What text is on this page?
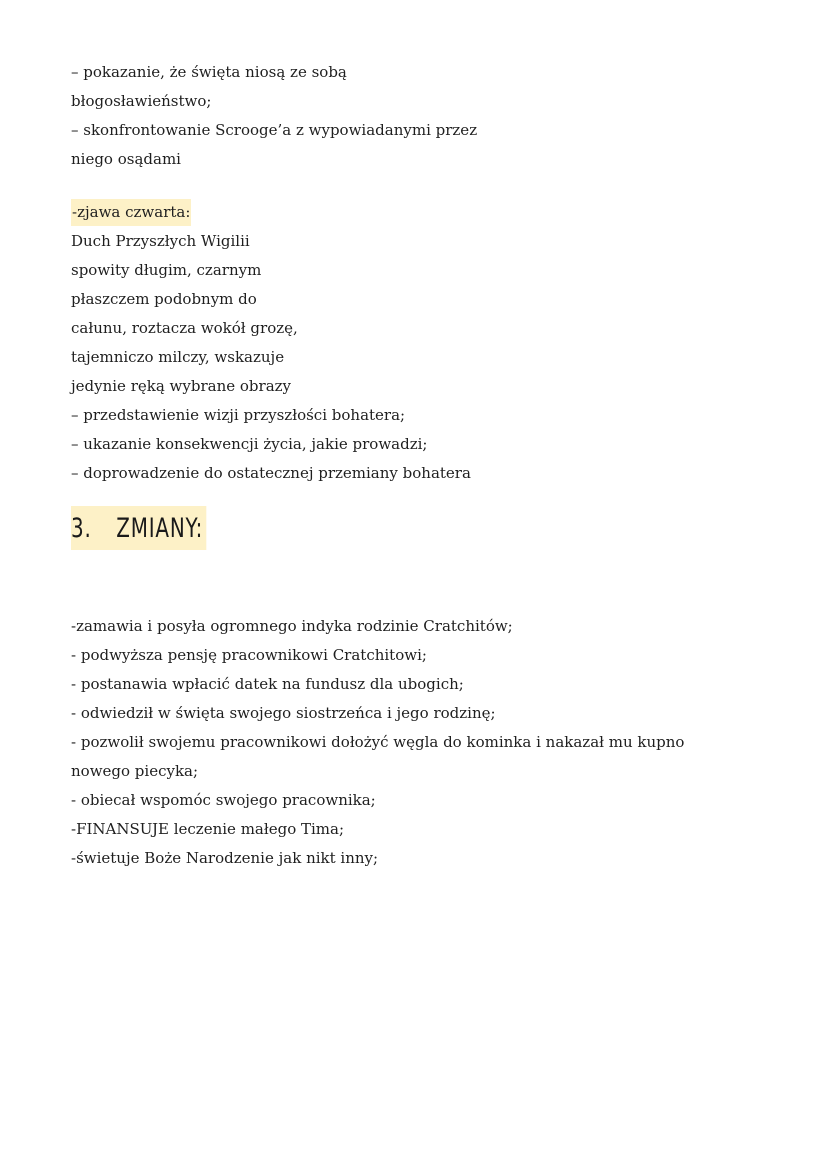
– pokazanie, że święta niosą ze sobą
błogosławieństwo;
– skonfrontowanie Scrooge’a z wypowiadanymi przez
niego osądami
-zjawa czwarta:
Duch Przyszłych Wigilii
spowity długim, czarnym
płaszczem podobnym do
całunu, roztacza wokół grozę,
tajemniczo milczy, wskazuje
jedynie ręką wybrane obrazy
– przedstawienie wizji przyszłości bohatera;
– ukazanie konsekwencji życia, jakie prowadzi;
– doprowadzenie do ostatecznej przemiany bohatera
3. ZMIANY:
-zamawia i posyła ogromnego indyka rodzinie Cratchitów;
- podwyższa pensję pracownikowi Cratchitowi;
- postanawia wpłacić datek na fundusz dla ubogich;
- odwiedził w święta swojego siostrzeńca i jego rodzinę;
- pozwolił swojemu pracownikowi dołożyć węgla do kominka i nakazał mu kupno
nowego piecyka;
- obiecał wspomóc swojego pracownika;
-FINANSUJE leczenie małego Tima;
-świetuje Boże Narodzenie jak nikt inny;
